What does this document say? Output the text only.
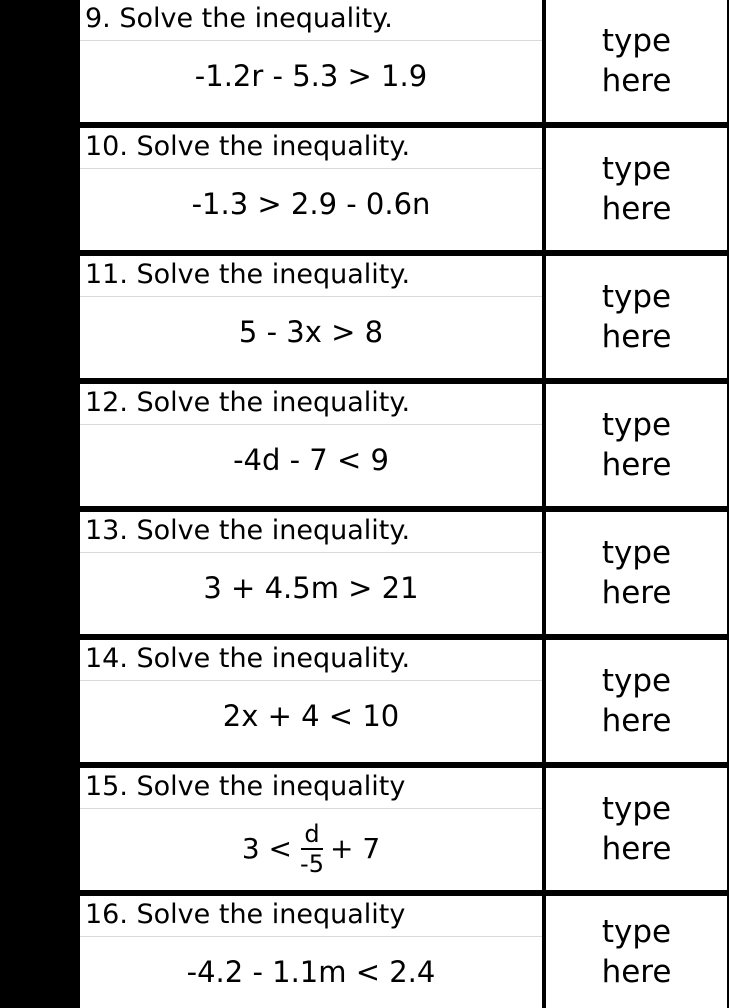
9. Solve the inequality.
-1.2r - 5.3 > 1.9
type here
10. Solve the inequality.
-1.3 > 2.9 - 0.6n
type here
11. Solve the inequality.
5 - 3x > 8
type here
12. Solve the inequality.
-4d - 7 < 9
type here
13. Solve the inequality.
3 + 4.5m > 21
type here
14. Solve the inequality.
2x + 4 < 10
type here
15. Solve the inequality
$3 < \frac{d}{-5} + 7$
type here
16. Solve the inequality
-4.2 - 1.1m < 2.4
type here
